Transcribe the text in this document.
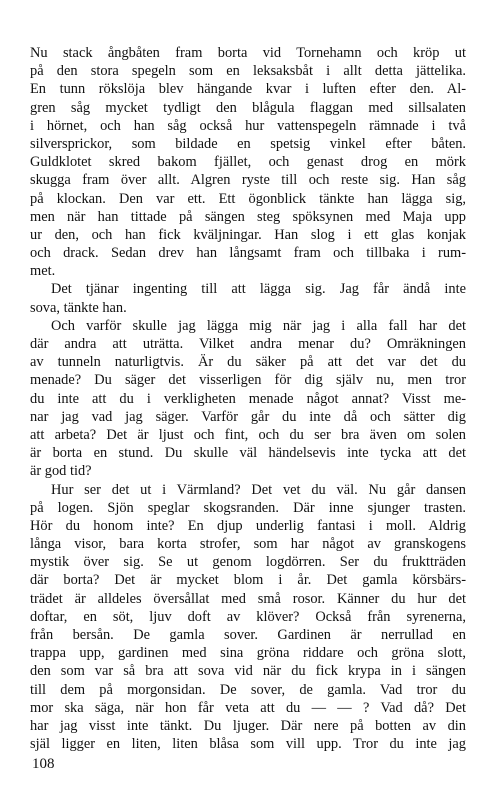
Nu stack ångbåten fram borta vid Tornehamn och kröp ut
på den stora spegeln som en leksaksbåt i allt detta jättelika.
En tunn rökslöja blev hängande kvar i luften efter den. Al-
gren såg mycket tydligt den blågula flaggan med sillsalaten
i hörnet, och han såg också hur vattenspegeln rämnade i två
silversprickor, som bildade en spetsig vinkel efter båten.
Guldklotet skred bakom fjället, och genast drog en mörk
skugga fram över allt. Algren ryste till och reste sig. Han såg
på klockan. Den var ett. Ett ögonblick tänkte han lägga sig,
men när han tittade på sängen steg spöksynen med Maja upp
ur den, och han fick kväljningar. Han slog i ett glas konjak
och drack. Sedan drev han långsamt fram och tillbaka i rum-
met.
Det tjänar ingenting till att lägga sig. Jag får ändå inte
sova, tänkte han.
Och varför skulle jag lägga mig när jag i alla fall har det
där andra att uträtta. Vilket andra menar du? Omräkningen
av tunneln naturligtvis. Är du säker på att det var det du
menade? Du säger det visserligen för dig själv nu, men tror
du inte att du i verkligheten menade något annat? Visst me-
nar jag vad jag säger. Varför går du inte då och sätter dig
att arbeta? Det är ljust och fint, och du ser bra även om solen
är borta en stund. Du skulle väl händelsevis inte tycka att det
är god tid?
Hur ser det ut i Värmland? Det vet du väl. Nu går dansen
på logen. Sjön speglar skogsranden. Där inne sjunger trasten.
Hör du honom inte? En djup underlig fantasi i moll. Aldrig
långa visor, bara korta strofer, som har något av granskogens
mystik över sig. Se ut genom logdörren. Ser du fruktträden
där borta? Det är mycket blom i år. Det gamla körsbärs-
trädet är alldeles översållat med små rosor. Känner du hur det
doftar, en söt, ljuv doft av klöver? Också från syrenerna,
från bersån. De gamla sover. Gardinen är nerrullad en
trappa upp, gardinen med sina gröna riddare och gröna slott,
den som var så bra att sova vid när du fick krypa in i sängen
till dem på morgonsidan. De sover, de gamla. Vad tror du
mor ska säga, när hon får veta att du — — ? Vad då? Det
har jag visst inte tänkt. Du ljuger. Där nere på botten av din
själ ligger en liten, liten blåsa som vill upp. Tror du inte jag
108
